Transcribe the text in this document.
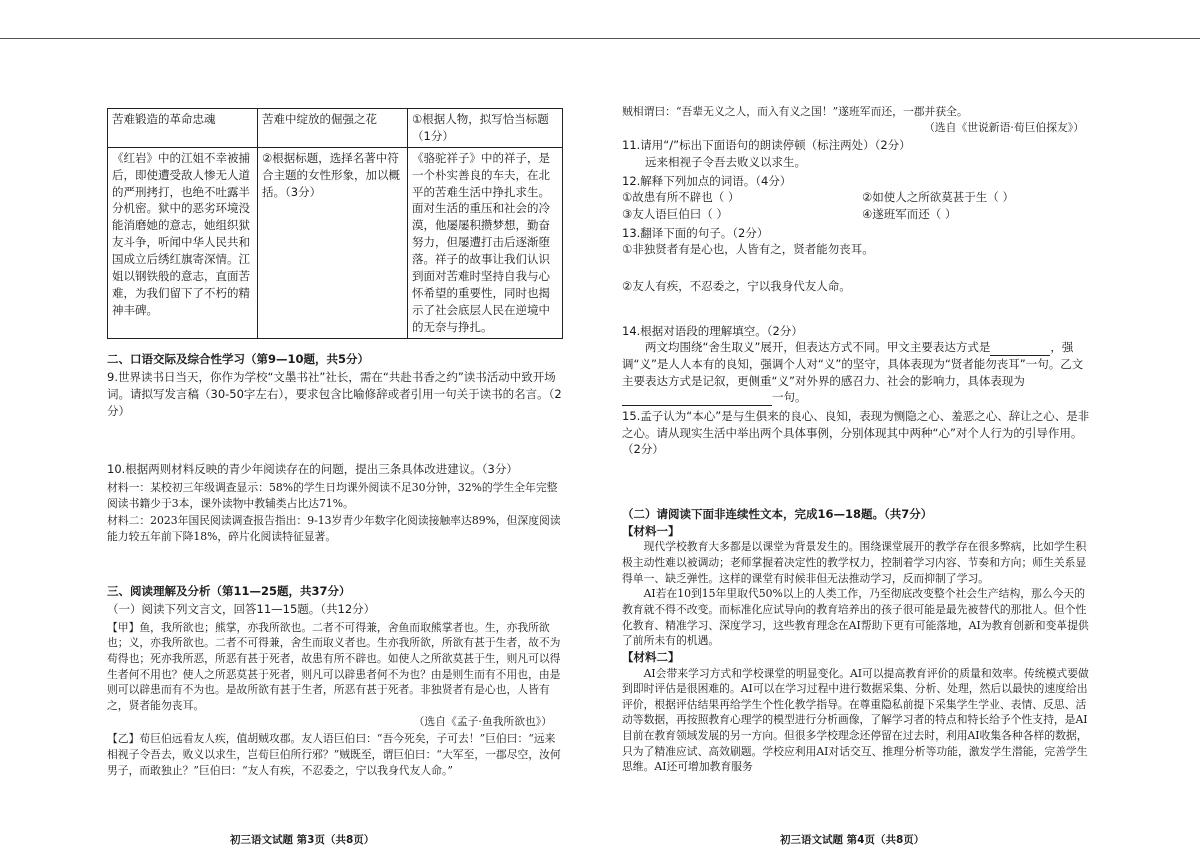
苦难锻造的革命忠魂	苦难中绽放的倔强之花	①根据人物，拟写恰当标题（1分）
《红岩》中的江姐不幸被捕后，即使遭受敌人惨无人道的严刑拷打，也绝不吐露半分机密。狱中的恶劣环境没能消磨她的意志，她组织狱友斗争，听闻中华人民共和国成立后绣红旗寄深情。江姐以钢铁般的意志，直面苦难，为我们留下了不朽的精神丰碑。	②根据标题，选择名著中符合主题的女性形象，加以概括。（3分）	《骆驼祥子》中的祥子，是一个朴实善良的车夫，在北平的苦难生活中挣扎求生。面对生活的重压和社会的冷漠，他屡屡积攒梦想，勤奋努力，但屡遭打击后逐渐堕落。祥子的故事让我们认识到面对苦难时坚持自我与心怀希望的重要性，同时也揭示了社会底层人民在逆境中的无奈与挣扎。
二、口语交际及综合性学习（第9—10题，共5分）
9.世界读书日当天，你作为学校“文墨书社”社长，需在“共赴书香之约”读书活动中致开场词。请拟写发言稿（30-50字左右），要求包含比喻修辞或者引用一句关于读书的名言。（2分）
10.根据两则材料反映的青少年阅读存在的问题，提出三条具体改进建议。（3分）
材料一：某校初三年级调查显示：58%的学生日均课外阅读不足30分钟，32%的学生全年完整阅读书籍少于3本，课外读物中教辅类占比达71%。
材料二：2023年国民阅读调查报告指出：9-13岁青少年数字化阅读接触率达89%，但深度阅读能力较五年前下降18%，碎片化阅读特征显著。
三、阅读理解及分析（第11—25题，共37分）
（一）阅读下列文言文，回答11—15题。（共12分）
【甲】鱼，我所欲也；熊掌，亦我所欲也。二者不可得兼，舍鱼而取熊掌者也。生，亦我所欲也；义，亦我所欲也。二者不可得兼，舍生而取义者也。生亦我所欲，所欲有甚于生者，故不为苟得也；死亦我所恶，所恶有甚于死者，故患有所不辟也。如使人之所欲莫甚于生，则凡可以得生者何不用也？使人之所恶莫甚于死者，则凡可以辟患者何不为也？由是则生而有不用也，由是则可以辟患而有不为也。是故所欲有甚于生者，所恶有甚于死者。非独贤者有是心也，人皆有之，贤者能勿丧耳。
（选自《孟子·鱼我所欲也》）
【乙】荀巨伯远看友人疾，值胡贼攻郡。友人语巨伯曰：“吾今死矣，子可去！”巨伯曰：“远来相视子令吾去，败义以求生，岂荀巨伯所行邪？”贼既至，谓巨伯曰：“大军至，一郡尽空，汝何男子，而敢独止？”巨伯曰：“友人有疾，不忍委之，宁以我身代友人命。”
初三语文试题 第3页（共8页）
贼相谓曰：“吾辈无义之人，而入有义之国！”遂班军而还，一郡并获全。
（选自《世说新语·荀巨伯探友》）
11.请用“/”标出下面语句的朗读停顿（标注两处）（2分）
远来相视子令吾去败义以求生。
12.解释下列加点的词语。（4分）
①故患有所不辟也（ ）	②如使人之所欲莫甚于生（ ）
③友人语巨伯曰（ ）	④遂班军而还（ ）
13.翻译下面的句子。（2分）
①非独贤者有是心也，人皆有之，贤者能勿丧耳。
②友人有疾，不忍委之，宁以我身代友人命。
14.根据对语段的理解填空。（2分）
两文均围绕“舍生取义”展开，但表达方式不同。甲文主要表达方式是	，强调“义”是人人本有的良知，强调个人对“义”的坚守，具体表现为“贤者能勿丧耳”一句。乙文主要表达方式是记叙，更侧重“义”对外界的感召力、社会的影响力，具体表现为一句。
15.孟子认为“本心”是与生俱来的良心、良知，表现为恻隐之心、羞恶之心、辞让之心、是非之心。请从现实生活中举出两个具体事例，分别体现其中两种“心”对个人行为的引导作用。（2分）
（二）请阅读下面非连续性文本，完成16—18题。（共7分）
【材料一】
现代学校教育大多都是以课堂为背景发生的。围绕课堂展开的教学存在很多弊病，比如学生积极主动性难以被调动；老师掌握着决定性的教学权力，控制着学习内容、节奏和方向；师生关系显得单一、缺乏弹性。这样的课堂有时候非但无法推动学习，反而抑制了学习。
AI若在10到15年里取代50%以上的人类工作，乃至彻底改变整个社会生产结构，那么今天的教育就不得不改变。而标准化应试导向的教育培养出的孩子很可能是最先被替代的那批人。但个性化教育、精准学习、深度学习，这些教育理念在AI帮助下更有可能落地，AI为教育创新和变革提供了前所未有的机遇。
【材料二】
AI会带来学习方式和学校课堂的明显变化。AI可以提高教育评价的质量和效率。传统模式要做到即时评估是很困难的。AI可以在学习过程中进行数据采集、分析、处理，然后以最快的速度给出评价，根据评估结果再给学生个性化教学指导。在尊重隐私前提下采集学生学业、表情、反思、活动等数据，再按照教育心理学的模型进行分析画像，了解学习者的特点和特长给予个性支持，是AI目前在教育领域发展的另一方向。但很多学校理念还停留在过去时，利用AI收集各种各样的数据，只为了精准应试、高效刷题。学校应利用AI对话交互、推理分析等功能，激发学生潜能，完善学生思维。AI还可增加教育服务
初三语文试题 第4页（共8页）
